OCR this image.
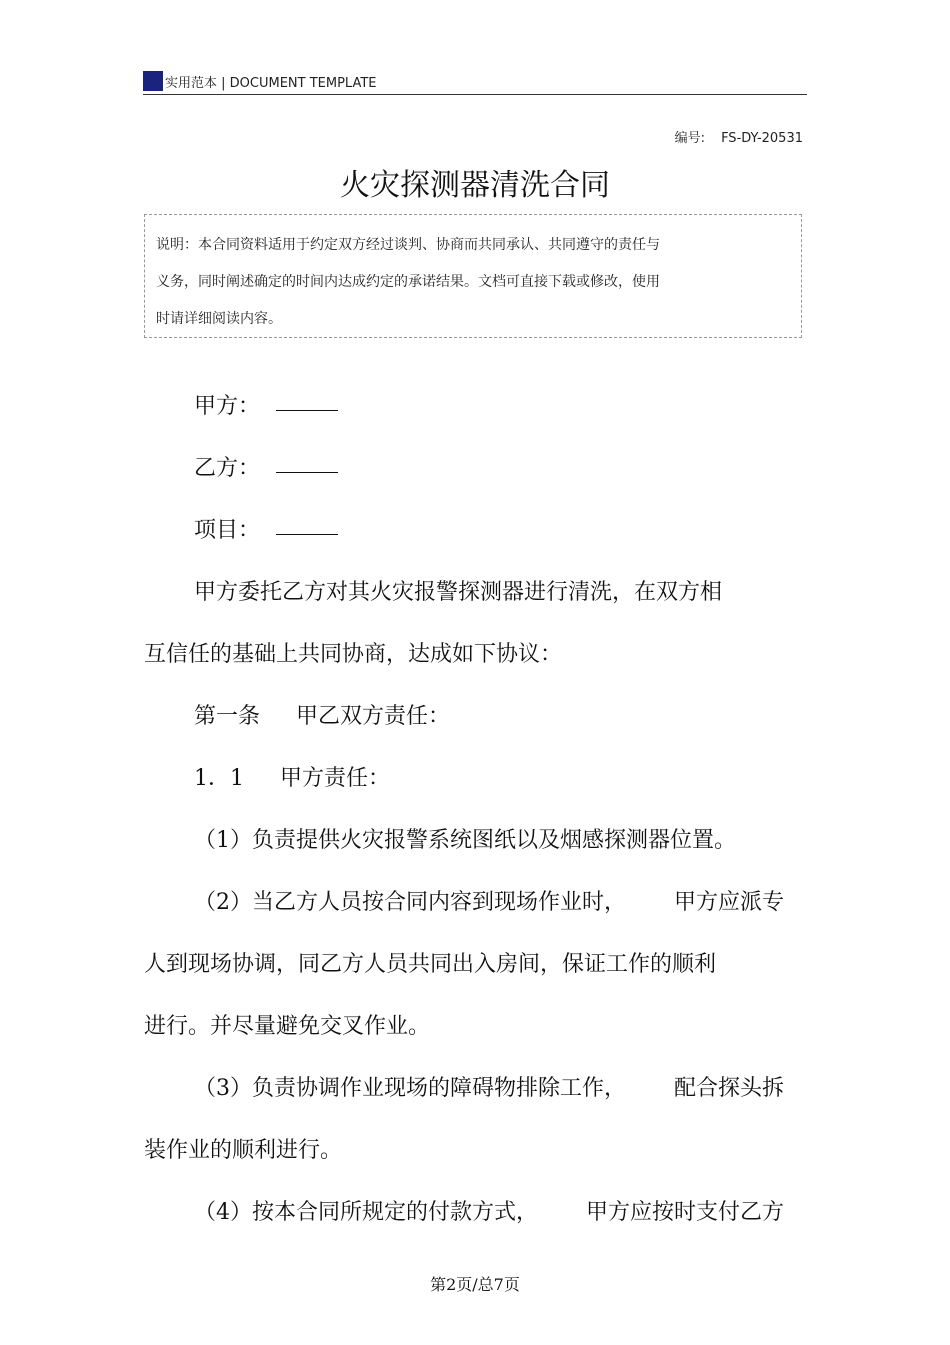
实用范本 | DOCUMENT TEMPLATE
编号: FS-DY-20531
火灾探测器清洗合同
说明：本合同资料适用于约定双方经过谈判、协商而共同承认、共同遵守的责任与
义务，同时阐述确定的时间内达成约定的承诺结果。文档可直接下载或修改，使用
时请详细阅读内容。
甲方：
乙方：
项目：
甲方委托乙方对其火灾报警探测器进行清洗，在双方相
互信任的基础上共同协商，达成如下协议：
第一条 甲乙双方责任：
1．1 甲方责任：
（1）负责提供火灾报警系统图纸以及烟感探测器位置。
（2）当乙方人员按合同内容到现场作业时， 甲方应派专
人到现场协调，同乙方人员共同出入房间，保证工作的顺利
进行。并尽量避免交叉作业。
（3）负责协调作业现场的障碍物排除工作， 配合探头拆
装作业的顺利进行。
（4）按本合同所规定的付款方式， 甲方应按时支付乙方
第2页/总7页
